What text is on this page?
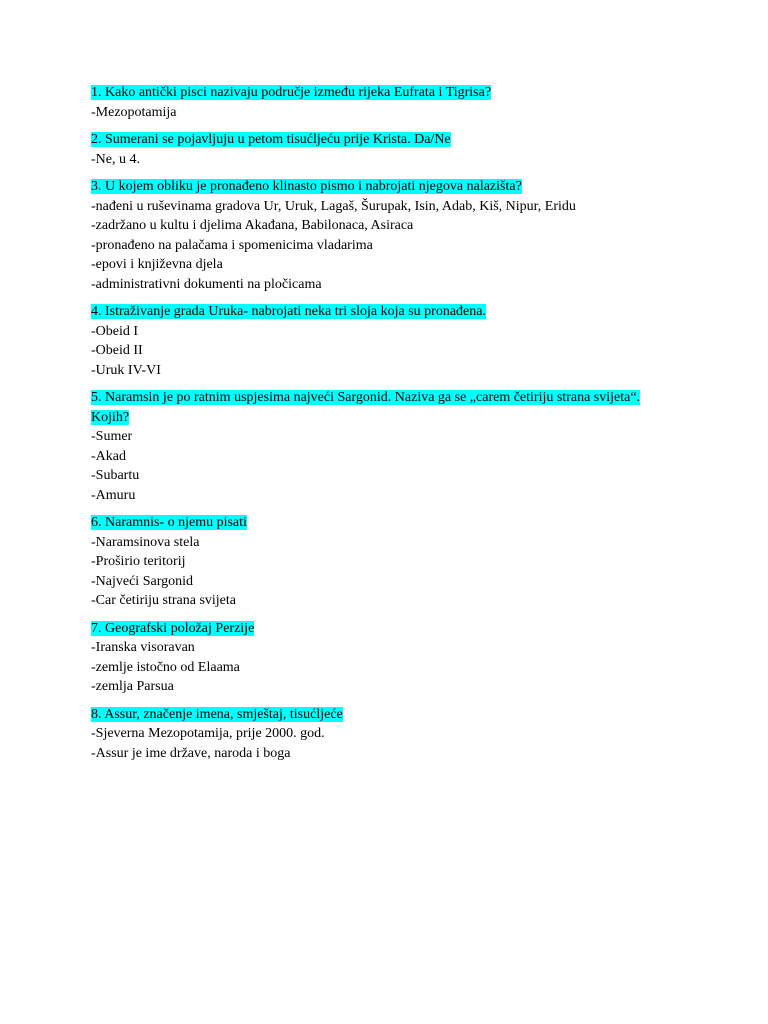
1. Kako antički pisci nazivaju područje između rijeka Eufrata i Tigrisa?

-Mezopotamija

2. Sumerani se pojavljuju u petom tisućljeću prije Krista. Da/Ne

-Ne, u 4.

3. U kojem obliku je pronađeno klinasto pismo i nabrojati njegova nalazišta?

-nađeni u ruševinama gradova Ur, Uruk, Lagaš, Šurupak, Isin, Adab, Kiš, Nipur, Eridu

-zadržano u kultu i djelima Akađana, Babilonaca, Asiraca

-pronađeno na palačama i spomenicima vladarima

-epovi i književna djela

-administrativni dokumenti na pločicama

4. Istraživanje grada Uruka- nabrojati neka tri sloja koja su pronađena.

-Obeid I

-Obeid II

-Uruk IV-VI

5. Naramsin je po ratnim uspjesima najveći Sargonid. Naziva ga se „carem četiriju strana svijeta“. Kojih?

-Sumer

-Akad

-Subartu

-Amuru

6. Naramnis- o njemu pisati

-Naramsinova stela

-Proširio teritorij

-Najveći Sargonid

-Car četiriju strana svijeta

7. Geografski položaj Perzije

-Iranska visoravan

-zemlje istočno od Elaama

-zemlja Parsua

8. Assur, značenje imena, smještaj, tisućljeće

-Sjeverna Mezopotamija, prije 2000. god.

-Assur je ime države, naroda i boga
